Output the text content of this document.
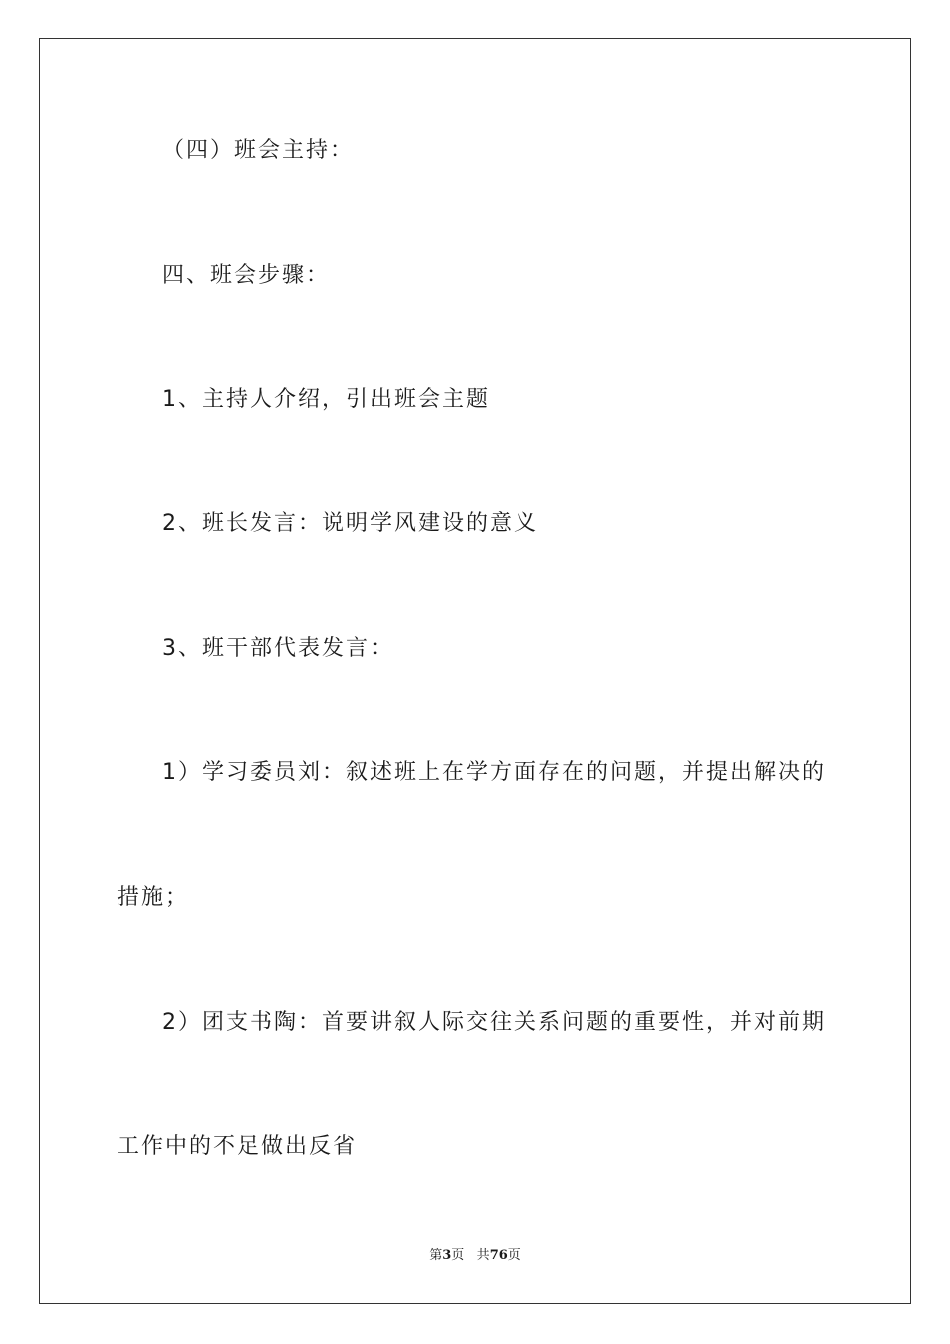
（四）班会主持：
四、班会步骤：
1、主持人介绍，引出班会主题
2、班长发言：说明学风建设的意义
3、班干部代表发言：
1）学习委员刘：叙述班上在学方面存在的问题，并提出解决的
措施；
2）团支书陶：首要讲叙人际交往关系问题的重要性，并对前期
工作中的不足做出反省
第3页 共76页
